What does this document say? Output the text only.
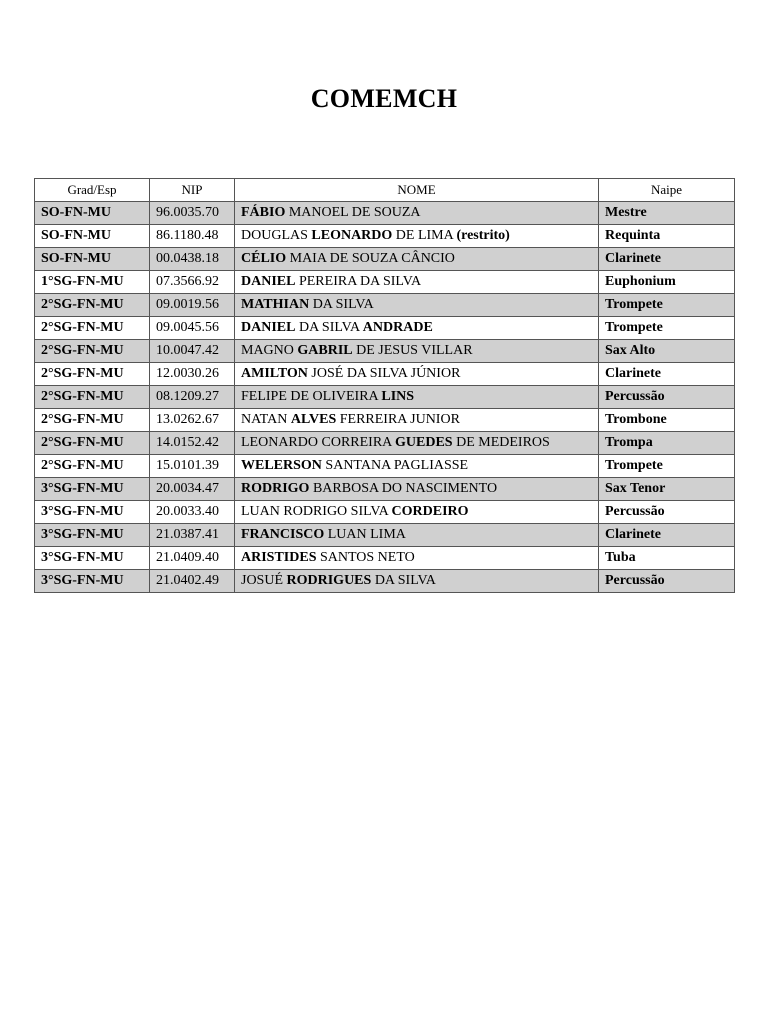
COMEMCH
Grad/Esp	NIP	NOME	Naipe
SO-FN-MU	96.0035.70	FÁBIO MANOEL DE SOUZA	Mestre
SO-FN-MU	86.1180.48	DOUGLAS LEONARDO DE LIMA (restrito)	Requinta
SO-FN-MU	00.0438.18	CÉLIO MAIA DE SOUZA CÂNCIO	Clarinete
1°SG-FN-MU	07.3566.92	DANIEL PEREIRA DA SILVA	Euphonium
2°SG-FN-MU	09.0019.56	MATHIAN DA SILVA	Trompete
2°SG-FN-MU	09.0045.56	DANIEL DA SILVA ANDRADE	Trompete
2°SG-FN-MU	10.0047.42	MAGNO GABRIL DE JESUS VILLAR	Sax Alto
2°SG-FN-MU	12.0030.26	AMILTON JOSÉ DA SILVA JÚNIOR	Clarinete
2°SG-FN-MU	08.1209.27	FELIPE DE OLIVEIRA LINS	Percussão
2°SG-FN-MU	13.0262.67	NATAN ALVES FERREIRA JUNIOR	Trombone
2°SG-FN-MU	14.0152.42	LEONARDO CORREIRA GUEDES DE MEDEIROS	Trompa
2°SG-FN-MU	15.0101.39	WELERSON SANTANA PAGLIASSE	Trompete
3°SG-FN-MU	20.0034.47	RODRIGO BARBOSA DO NASCIMENTO	Sax Tenor
3°SG-FN-MU	20.0033.40	LUAN RODRIGO SILVA CORDEIRO	Percussão
3°SG-FN-MU	21.0387.41	FRANCISCO LUAN LIMA	Clarinete
3°SG-FN-MU	21.0409.40	ARISTIDES SANTOS NETO	Tuba
3°SG-FN-MU	21.0402.49	JOSUÉ RODRIGUES DA SILVA	Percussão
